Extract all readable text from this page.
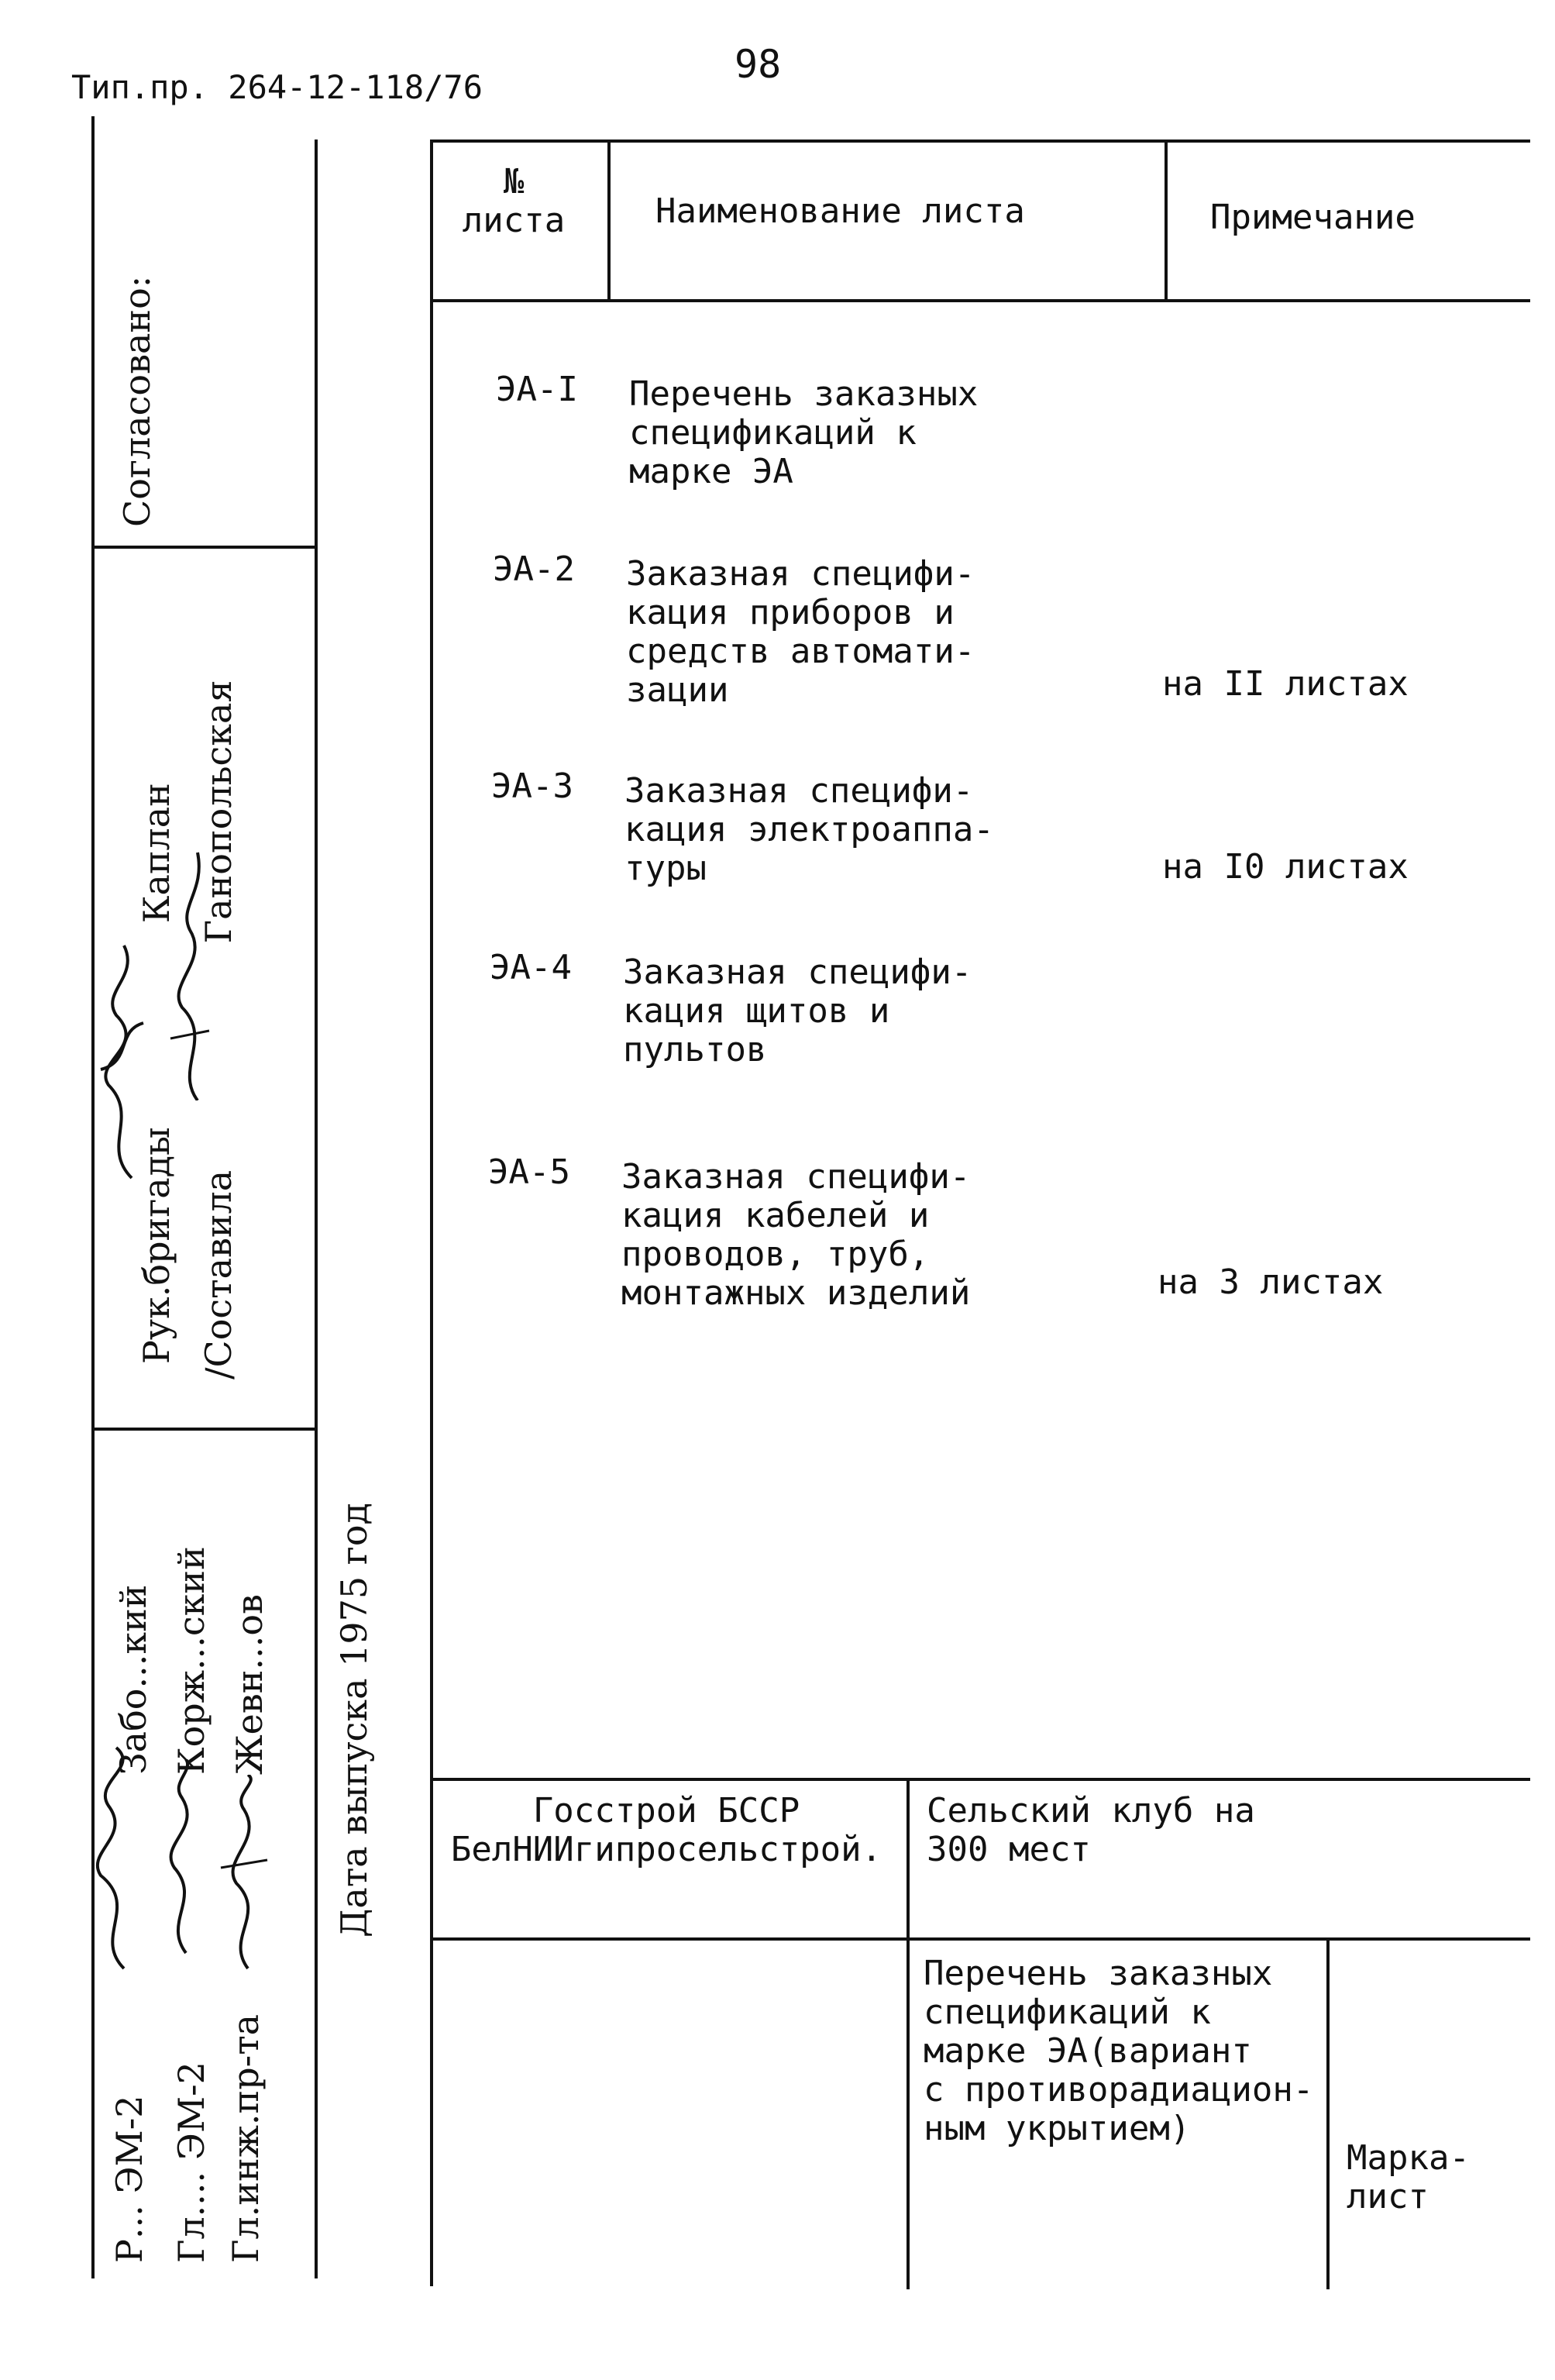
Тип.пр. 264-12-118/76
98
Согласовано:
Рук.бригады                  Каплан /Составила                    Ганопольская
Р... ЭМ-2 Гл.... ЭМ-2 Гл.инж.пр-та
Забо...кий Корж...ский Жевн...ов Дата выпуска 1975 год
№
листа	Наименование листа	Примечание
ЭА-I Перечень заказных
спецификаций к
марке ЭА
ЭА-2 Заказная специфи-
кация приборов и
средств автомати-
зации	на II листах
ЭА-3 Заказная специфи-
кация электроаппа-
туры	на I0 листах
ЭА-4 Заказная специфи-
кация щитов и
пультов
ЭА-5 Заказная специфи-
кация кабелей и
проводов, труб,
монтажных изделий	на 3 листах
Госстрой БССР
БелНИИгипросельстрой.
Сельский клуб на
300 мест
Перечень заказных
спецификаций к
марке ЭА(вариант
с противорадиацион-
ным укрытием)
Марка-
лист
